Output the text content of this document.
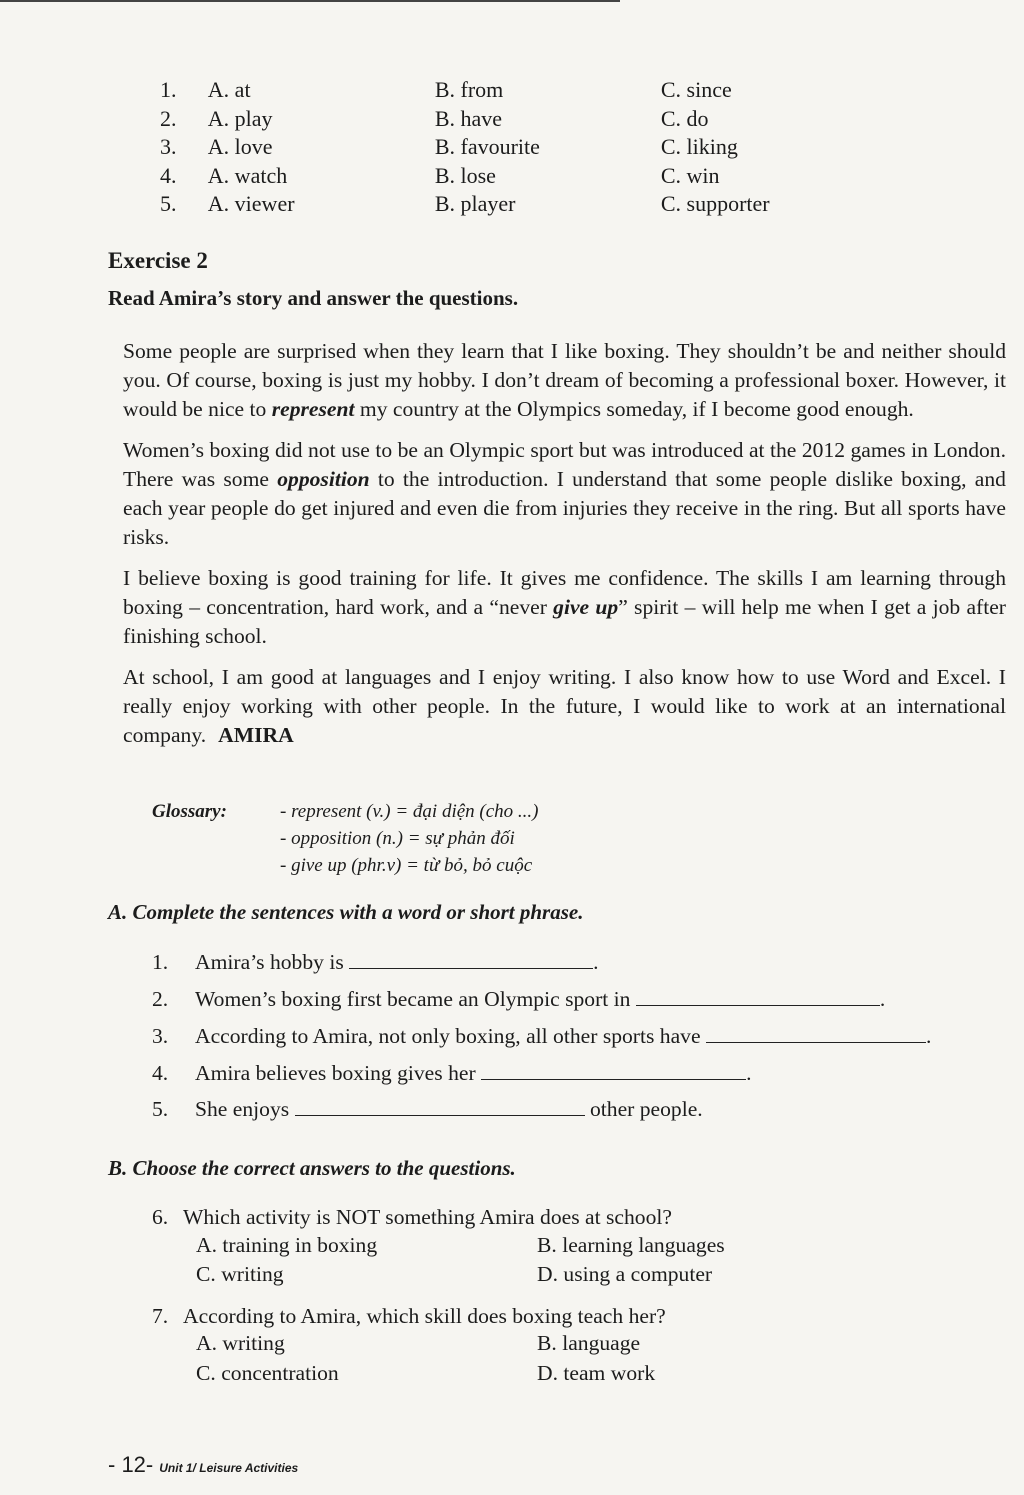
1.	A. at	B. from	C. since
2.	A. play	B. have	C. do
3.	A. love	B. favourite	C. liking
4.	A. watch	B. lose	C. win
5.	A. viewer	B. player	C. supporter
Exercise 2
Read Amira’s story and answer the questions.

Some people are surprised when they learn that I like boxing. They shouldn’t be and neither should you. Of course, boxing is just my hobby. I don’t dream of becoming a professional boxer. However, it would be nice to represent my country at the Olympics someday, if I become good enough.

Women’s boxing did not use to be an Olympic sport but was introduced at the 2012 games in London. There was some opposition to the introduction. I understand that some people dislike boxing, and each year people do get injured and even die from injuries they receive in the ring. But all sports have risks.

I believe boxing is good training for life. It gives me confidence. The skills I am learning through boxing – concentration, hard work, and a “never give up” spirit – will help me when I get a job after finishing school.

At school, I am good at languages and I enjoy writing. I also know how to use Word and Excel. I really enjoy working with other people. In the future, I would like to work at an international company. AMIRA

Glossary:	- represent (v.) = đại diện (cho ...)
- opposition (n.) = sự phản đối
- give up (phr.v) = từ bỏ, bỏ cuộc
A. Complete the sentences with a word or short phrase.
1. Amira’s hobby is	.
2. Women’s boxing first became an Olympic sport in	.
3. According to Amira, not only boxing, all other sports have	.
4. Amira believes boxing gives her	.
5. She enjoys	other people.
B. Choose the correct answers to the questions.
6. Which activity is NOT something Amira does at school?
A. training in boxing	B. learning languages
C. writing	D. using a computer
7. According to Amira, which skill does boxing teach her?
A. writing	B. language
C. concentration	D. team work
- 12- Unit 1/ Leisure Activities
